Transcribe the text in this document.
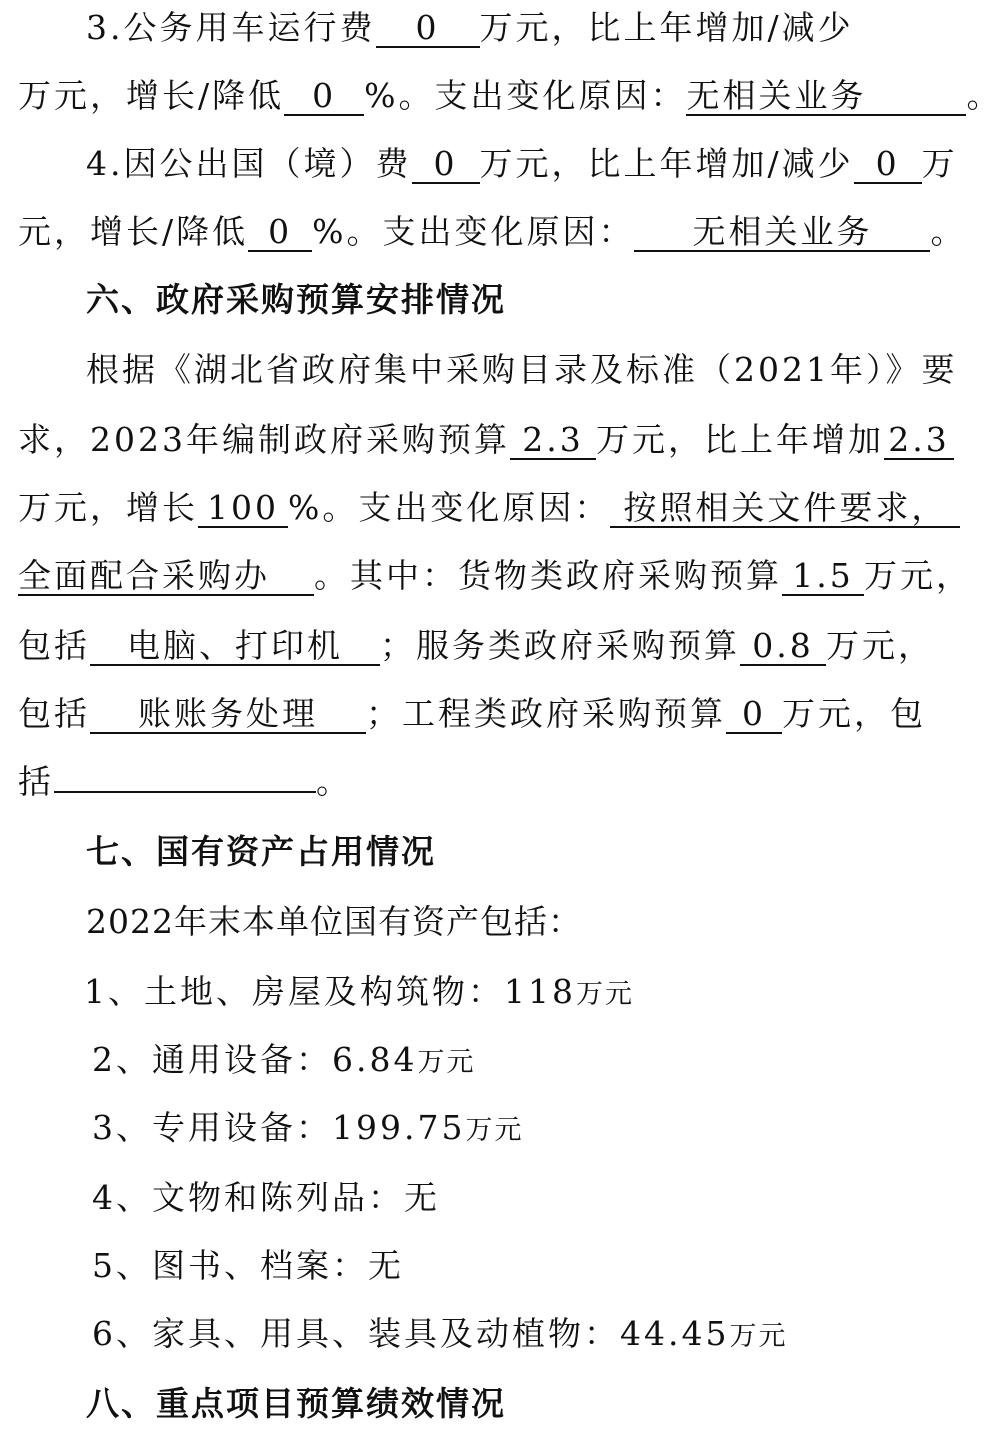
3.公务用车运行费 0 万元，比上年增加/减少
万元，增长/降低 0 %。支出变化原因：无相关业务	。
4.因公出国（境）费 0 万元，比上年增加/减少 0 万
元，增长/降低 0 %。支出变化原因： 无相关业务 。
六、政府采购预算安排情况
根据《湖北省政府集中采购目录及标准（2021年）》要
求，2023年编制政府采购预算 2.3 万元，比上年增加 2.3
万元，增长 100 %。支出变化原因： 按照相关文件要求，
全面配合采购办 。其中：货物类政府采购预算 1.5 万元，
包括 电脑、打印机 ；服务类政府采购预算 0.8 万元，
包括 账账务处理 ；工程类政府采购预算 0 万元，包
括	。
七、国有资产占用情况
2022年末本单位国有资产包括：
1、土地、房屋及构筑物：118万元
2、通用设备：6.84万元
3、专用设备：199.75万元
4、文物和陈列品：无
5、图书、档案：无
6、家具、用具、装具及动植物：44.45万元
八、重点项目预算绩效情况
